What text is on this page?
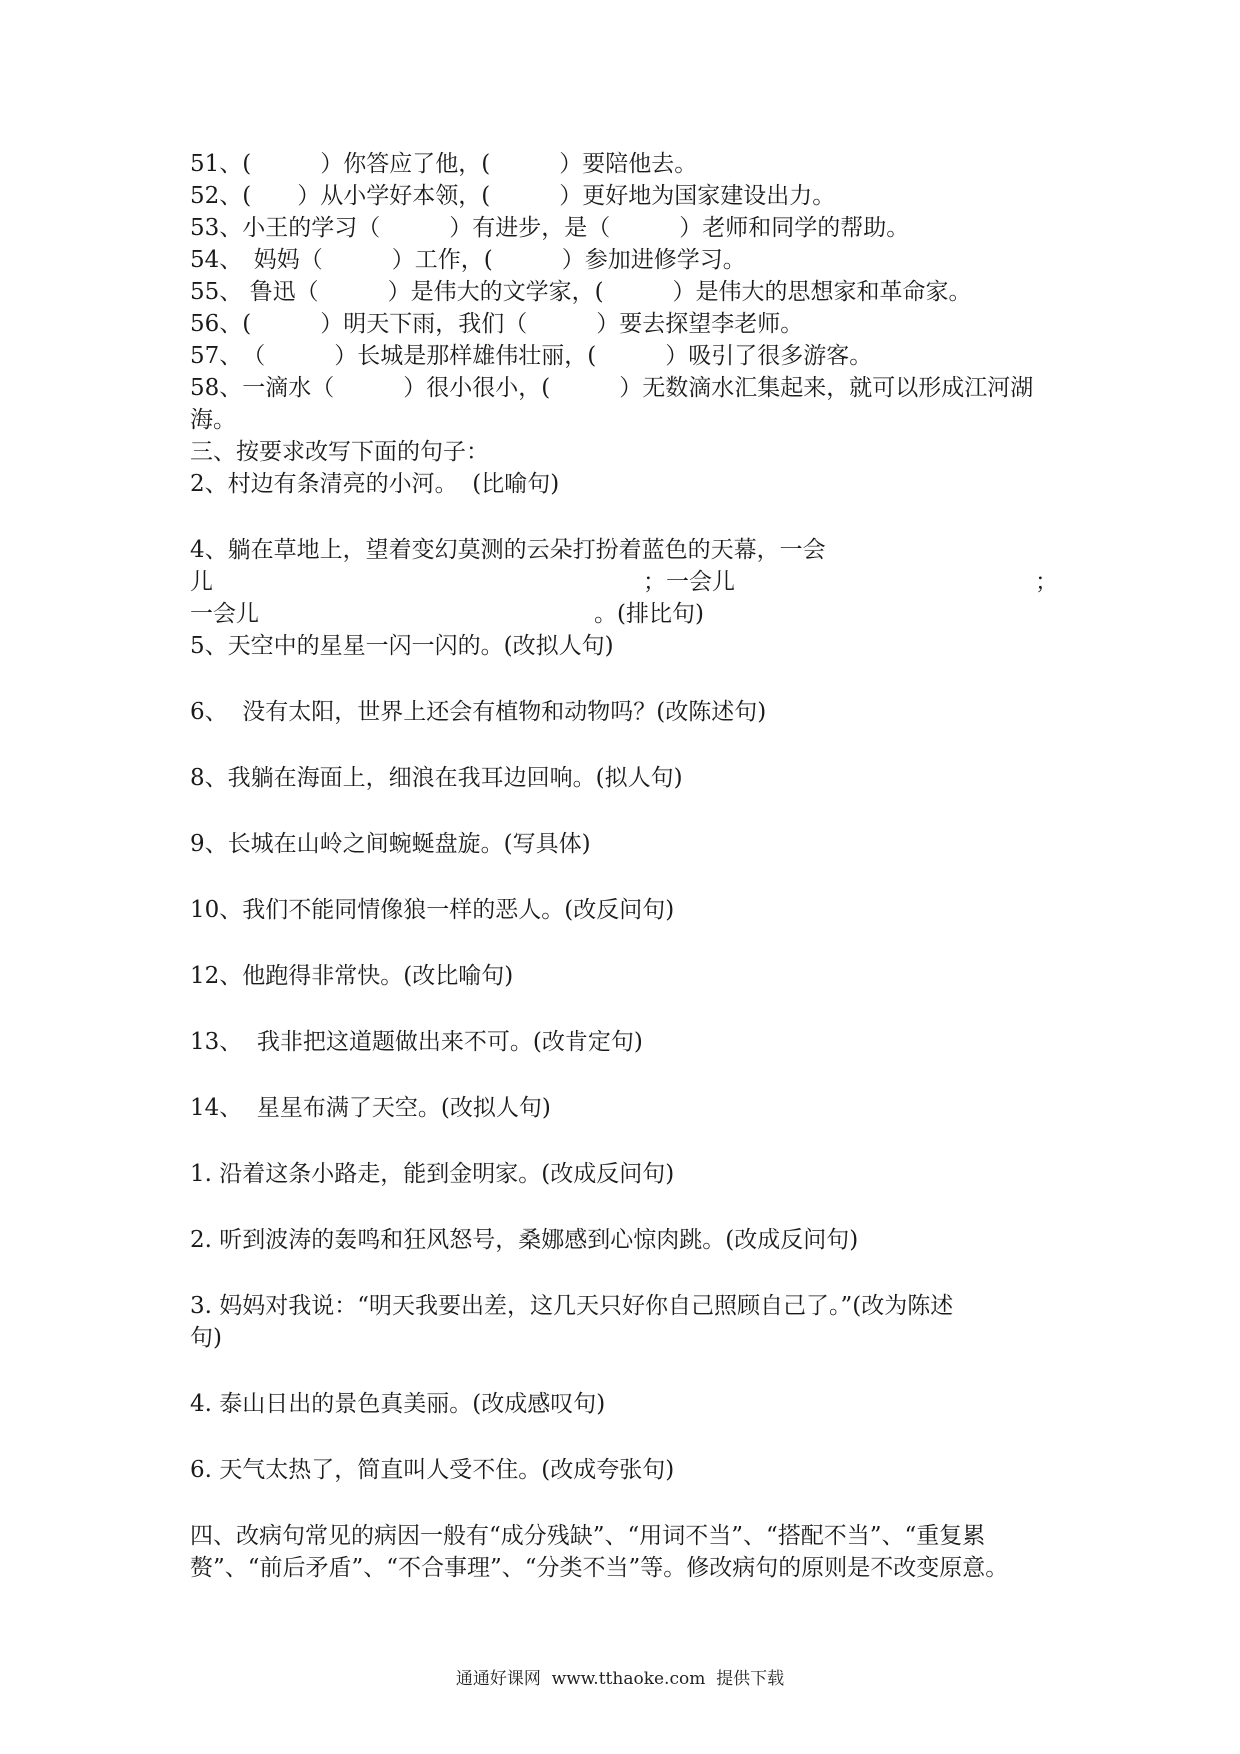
51、(　　　）你答应了他，(　　　）要陪他去。

52、(　　）从小学好本领，(　　　）更好地为国家建设出力。

53、小王的学习（　　　）有进步，是（　　　）老师和同学的帮助。

54、　妈妈（　　　）工作，(　　　）参加进修学习。

55、 鲁迅（　　　）是伟大的文学家，(　　　）是伟大的思想家和革命家。

56、(　　　）明天下雨，我们（　　　）要去探望李老师。

57、　（　　　）长城是那样雄伟壮丽，(　　　）吸引了很多游客。

58、一滴水（　　　）很小很小，(　　　）无数滴水汇集起来，就可以形成江河湖

海。

三、按要求改写下面的句子：

2、村边有条清亮的小河。  (比喻句)

4、躺在草地上，望着变幻莫测的云朵打扮着蓝色的天幕，一会
儿	；一会儿	；
一会儿	。(排比句)

5、天空中的星星一闪一闪的。(改拟人句)

6、  没有太阳，世界上还会有植物和动物吗？(改陈述句)

8、我躺在海面上，细浪在我耳边回响。(拟人句)

9、长城在山岭之间蜿蜒盘旋。(写具体)

10、我们不能同情像狼一样的恶人。(改反问句)

12、他跑得非常快。(改比喻句)

13、  我非把这道题做出来不可。(改肯定句)

14、  星星布满了天空。(改拟人句)

1. 沿着这条小路走，能到金明家。(改成反问句)

2. 听到波涛的轰鸣和狂风怒号，桑娜感到心惊肉跳。(改成反问句)

3. 妈妈对我说：“明天我要出差，这几天只好你自己照顾自己了。”(改为陈述

句)

4. 泰山日出的景色真美丽。(改成感叹句)

6. 天气太热了，简直叫人受不住。(改成夸张句)

四、改病句常见的病因一般有“成分残缺”、“用词不当”、“搭配不当”、“重复累

赘”、“前后矛盾”、“不合事理”、“分类不当”等。修改病句的原则是不改变原意。

通通好课网  www.tthaoke.com  提供下载
